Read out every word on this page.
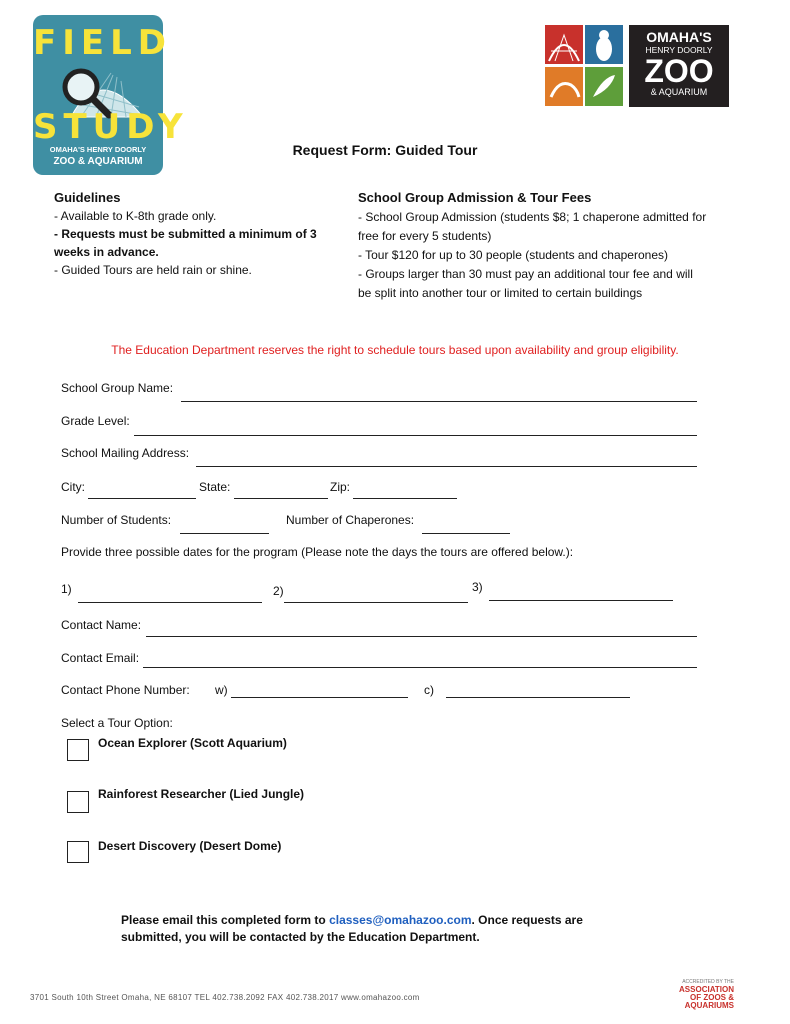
FIELD
STUDY
OMAHA'S HENRY DOORLY
ZOO & AQUARIUM
OMAHA'S
HENRY DOORLY
ZOO
& AQUARIUM
Request Form: Guided Tour
Guidelines
- Available to K-8th grade only.
- Requests must be submitted a minimum of 3
weeks in advance.
- Guided Tours are held rain or shine.
School Group Admission & Tour Fees
- School Group Admission (students $8; 1 chaperone admitted for
free for every 5 students)
- Tour $120 for up to 30 people (students and chaperones)
- Groups larger than 30 must pay an additional tour fee and will
be split into another tour or limited to certain buildings
The Education Department reserves the right to schedule tours based upon availability and group eligibility.
School Group Name:
Grade Level:
School Mailing Address:
City:	State:	Zip:
Number of Students:	Number of Chaperones:
Provide three possible dates for the program (Please note the days the tours are offered below.):
1)	2)	3)
Contact Name:
Contact Email:
Contact Phone Number: w)	c)
Select a Tour Option:
Ocean Explorer (Scott Aquarium)
Rainforest Researcher (Lied Jungle)
Desert Discovery (Desert Dome)
Please email this completed form to classes@omahazoo.com. Once requests are
submitted, you will be contacted by the Education Department.
3701 South 10th Street Omaha, NE 68107 TEL 402.738.2092 FAX 402.738.2017 www.omahazoo.com
ACCREDITED BY THE
ASSOCIATION
OF ZOOS &
AQUARIUMS
